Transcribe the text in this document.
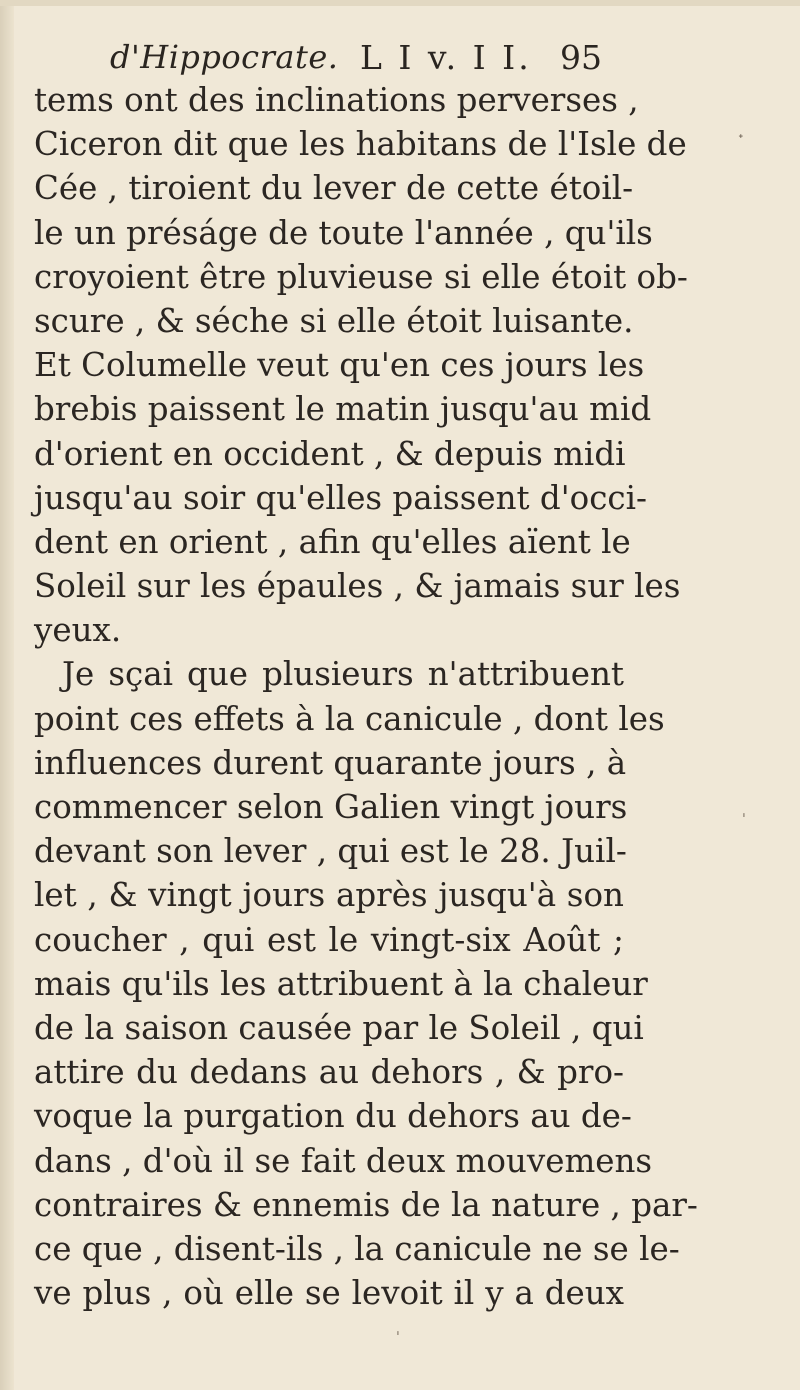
d'Hippocrate. L I v. I I. 95
tems ont des inclinations perverses ,
Ciceron dit que les habitans de l'Isle de
Cée , tiroient du lever de cette étoil-
le un préságe de toute l'année , qu'ils
croyoient être pluvieuse si elle étoit ob-
scure , & séche si elle étoit luisante.
Et Columelle veut qu'en ces jours les
brebis paissent le matin jusqu'au mid
d'orient en occident , & depuis midi
jusqu'au soir qu'elles paissent d'occi-
dent en orient , afin qu'elles aïent le
Soleil sur les épaules , & jamais sur les
yeux.
Je sçai que plusieurs n'attribuent
point ces effets à la canicule , dont les
influences durent quarante jours , à
commencer selon Galien vingt jours
devant son lever , qui est le 28. Juil-
let , & vingt jours après jusqu'à son
coucher , qui est le vingt-six Août ;
mais qu'ils les attribuent à la chaleur
de la saison causée par le Soleil , qui
attire du dedans au dehors , & pro-
voque la purgation du dehors au de-
dans , d'où il se fait deux mouvemens
contraires & ennemis de la nature , par-
ce que , disent-ils , la canicule ne se le-
ve plus , où elle se levoit il y a deux
ᐩ
ˈ
ˈ
